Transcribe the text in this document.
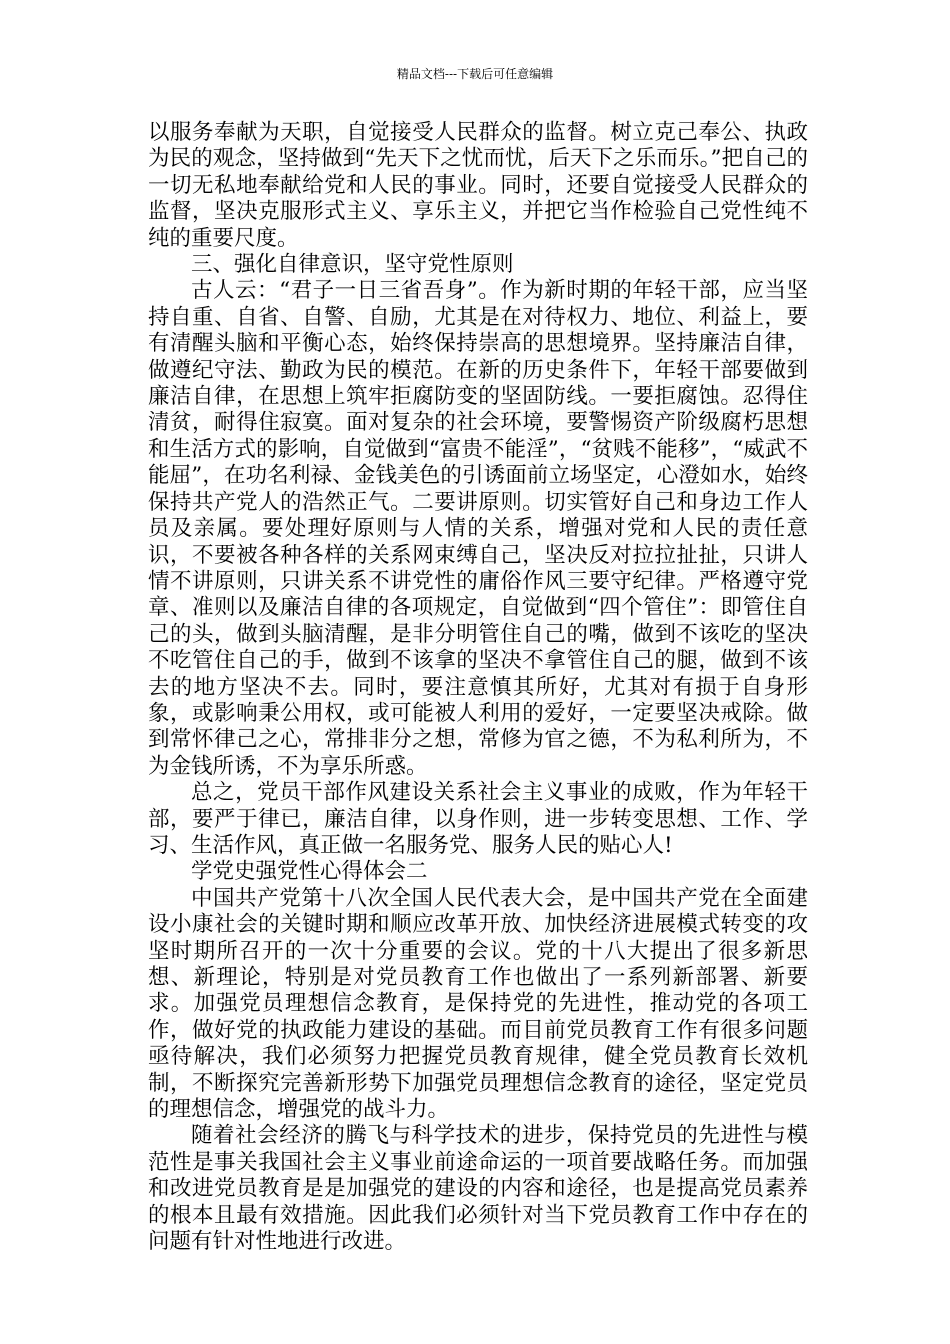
精品文档---下载后可任意编辑

以服务奉献为天职，自觉接受人民群众的监督。树立克己奉公、执政为民的观念，坚持做到“先天下之忧而忧，后天下之乐而乐。”把自己的一切无私地奉献给党和人民的事业。同时，还要自觉接受人民群众的监督，坚决克服形式主义、享乐主义，并把它当作检验自己党性纯不纯的重要尺度。

三、强化自律意识，坚守党性原则

古人云：“君子一日三省吾身”。作为新时期的年轻干部，应当坚持自重、自省、自警、自励，尤其是在对待权力、地位、利益上，要有清醒头脑和平衡心态，始终保持崇高的思想境界。坚持廉洁自律，做遵纪守法、勤政为民的模范。在新的历史条件下，年轻干部要做到廉洁自律，在思想上筑牢拒腐防变的坚固防线。一要拒腐蚀。忍得住清贫，耐得住寂寞。面对复杂的社会环境，要警惕资产阶级腐朽思想和生活方式的影响，自觉做到“富贵不能淫”，“贫贱不能移”，“威武不能屈”，在功名利禄、金钱美色的引诱面前立场坚定，心澄如水，始终保持共产党人的浩然正气。二要讲原则。切实管好自己和身边工作人员及亲属。要处理好原则与人情的关系，增强对党和人民的责任意识，不要被各种各样的关系网束缚自己，坚决反对拉拉扯扯，只讲人情不讲原则，只讲关系不讲党性的庸俗作风三要守纪律。严格遵守党章、准则以及廉洁自律的各项规定，自觉做到“四个管住”：即管住自己的头，做到头脑清醒，是非分明管住自己的嘴，做到不该吃的坚决不吃管住自己的手，做到不该拿的坚决不拿管住自己的腿，做到不该去的地方坚决不去。同时，要注意慎其所好，尤其对有损于自身形象，或影响秉公用权，或可能被人利用的爱好，一定要坚决戒除。做到常怀律己之心，常排非分之想，常修为官之德，不为私利所为，不为金钱所诱，不为享乐所惑。

总之，党员干部作风建设关系社会主义事业的成败，作为年轻干部，要严于律已，廉洁自律，以身作则，进一步转变思想、工作、学习、生活作风，真正做一名服务党、服务人民的贴心人!

学党史强党性心得体会二

中国共产党第十八次全国人民代表大会，是中国共产党在全面建设小康社会的关键时期和顺应改革开放、加快经济进展模式转变的攻坚时期所召开的一次十分重要的会议。党的十八大提出了很多新思想、新理论，特别是对党员教育工作也做出了一系列新部署、新要求。加强党员理想信念教育，是保持党的先进性，推动党的各项工作，做好党的执政能力建设的基础。而目前党员教育工作有很多问题亟待解决，我们必须努力把握党员教育规律，健全党员教育长效机制，不断探究完善新形势下加强党员理想信念教育的途径，坚定党员的理想信念，增强党的战斗力。

随着社会经济的腾飞与科学技术的进步，保持党员的先进性与模范性是事关我国社会主义事业前途命运的一项首要战略任务。而加强和改进党员教育是是加强党的建设的内容和途径，也是提高党员素养的根本且最有效措施。因此我们必须针对当下党员教育工作中存在的问题有针对性地进行改进。
